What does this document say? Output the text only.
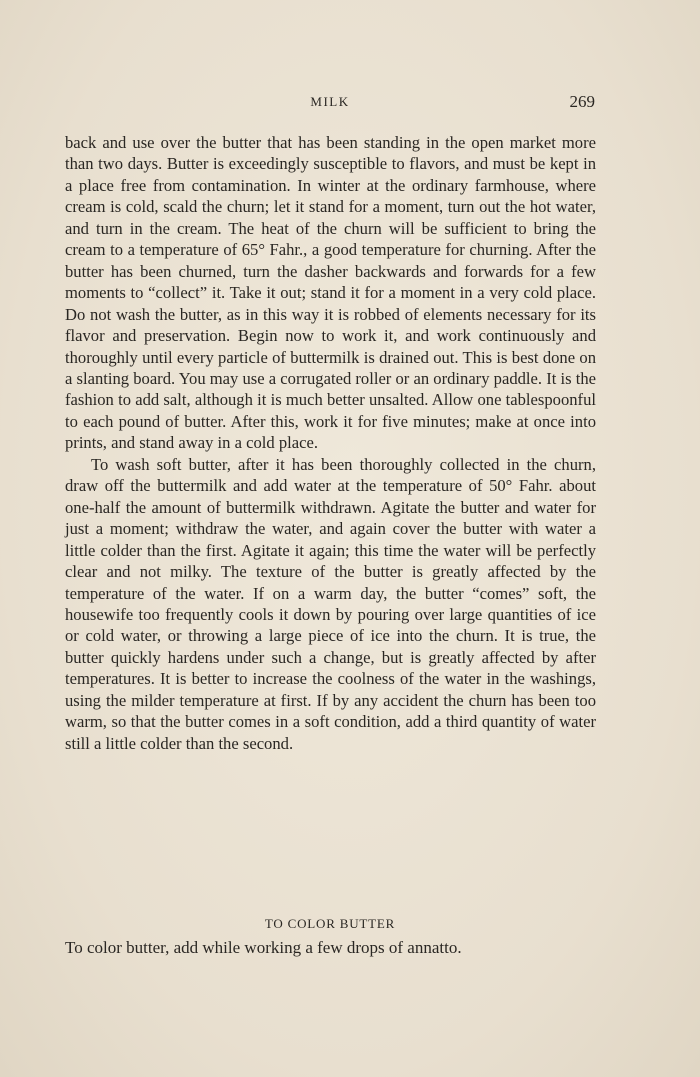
MILK	269

back and use over the butter that has been standing in the open market more than two days. Butter is exceedingly susceptible to flavors, and must be kept in a place free from contamination. In winter at the ordinary farmhouse, where cream is cold, scald the churn; let it stand for a moment, turn out the hot water, and turn in the cream. The heat of the churn will be sufficient to bring the cream to a temperature of 65° Fahr., a good temperature for churning. After the butter has been churned, turn the dasher backwards and forwards for a few moments to “collect” it. Take it out; stand it for a moment in a very cold place. Do not wash the butter, as in this way it is robbed of elements necessary for its flavor and preservation. Begin now to work it, and work continuously and thoroughly until every particle of buttermilk is drained out. This is best done on a slanting board. You may use a corrugated roller or an ordinary paddle. It is the fashion to add salt, although it is much better unsalted. Allow one tablespoonful to each pound of butter. After this, work it for five minutes; make at once into prints, and stand away in a cold place.

To wash soft butter, after it has been thoroughly collected in the churn, draw off the buttermilk and add water at the temperature of 50° Fahr. about one-half the amount of buttermilk withdrawn. Agitate the butter and water for just a moment; withdraw the water, and again cover the butter with water a little colder than the first. Agitate it again; this time the water will be perfectly clear and not milky. The texture of the butter is greatly affected by the temperature of the water. If on a warm day, the butter “comes” soft, the housewife too frequently cools it down by pouring over large quantities of ice or cold water, or throwing a large piece of ice into the churn. It is true, the butter quickly hardens under such a change, but is greatly affected by after temperatures. It is better to increase the coolness of the water in the washings, using the milder temperature at first. If by any accident the churn has been too warm, so that the butter comes in a soft condition, add a third quantity of water still a little colder than the second.

TO COLOR BUTTER
To color butter, add while working a few drops of annatto.
